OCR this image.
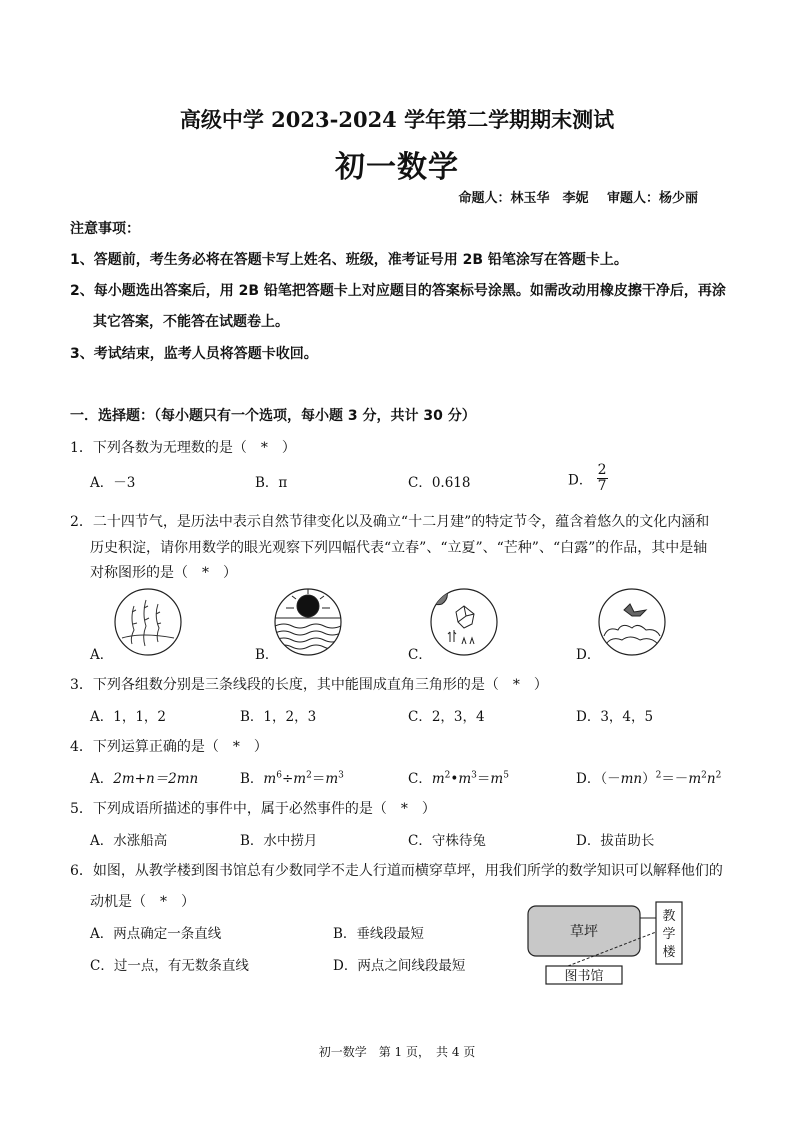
高级中学 2023-2024 学年第二学期期末测试
初一数学
命题人：林玉华　李妮 审题人：杨少丽
注意事项：
1、答题前，考生务必将在答题卡写上姓名、班级，准考证号用 2B 铅笔涂写在答题卡上。
2、每小题选出答案后，用 2B 铅笔把答题卡上对应题目的答案标号涂黑。如需改动用橡皮擦干净后，再涂
其它答案，不能答在试题卷上。
3、考试结束，监考人员将答题卡收回。
一．选择题：（每小题只有一个选项，每小题 3 分，共计 30 分）
1．下列各数为无理数的是（　*　）
A．－3	B．π	C．0.618	D． $\frac{2}{7}$
2．二十四节气，是历法中表示自然节律变化以及确立“十二月建”的特定节令，蕴含着悠久的文化内涵和
历史积淀，请你用数学的眼光观察下列四幅代表“立春”、“立夏”、“芒种”、“白露”的作品，其中是轴
对称图形的是（　*　）
A．	B．	C．	D．
3．下列各组数分别是三条线段的长度，其中能围成直角三角形的是（　*　）
A．1，1，2	B．1，2，3	C．2，3，4	D．3，4，5
4．下列运算正确的是（　*　）
A．2m+n＝2mn	B．$m^6\div m^2=m^3$	C．$m^2•m^3=m^5$	D．$(-mn)^2=-m^2n^2$
5．下列成语所描述的事件中，属于必然事件的是（　*　）
A．水涨船高	B．水中捞月	C．守株待兔	D．拔苗助长
6．如图，从教学楼到图书馆总有少数同学不走人行道而横穿草坪，用我们所学的数学知识可以解释他们的
动机是（　*　）
A．两点确定一条直线	B．垂线段最短
C．过一点，有无数条直线	D．两点之间线段最短
草坪
教
学
楼
图书馆
初一数学　第 1 页，　共 4 页
